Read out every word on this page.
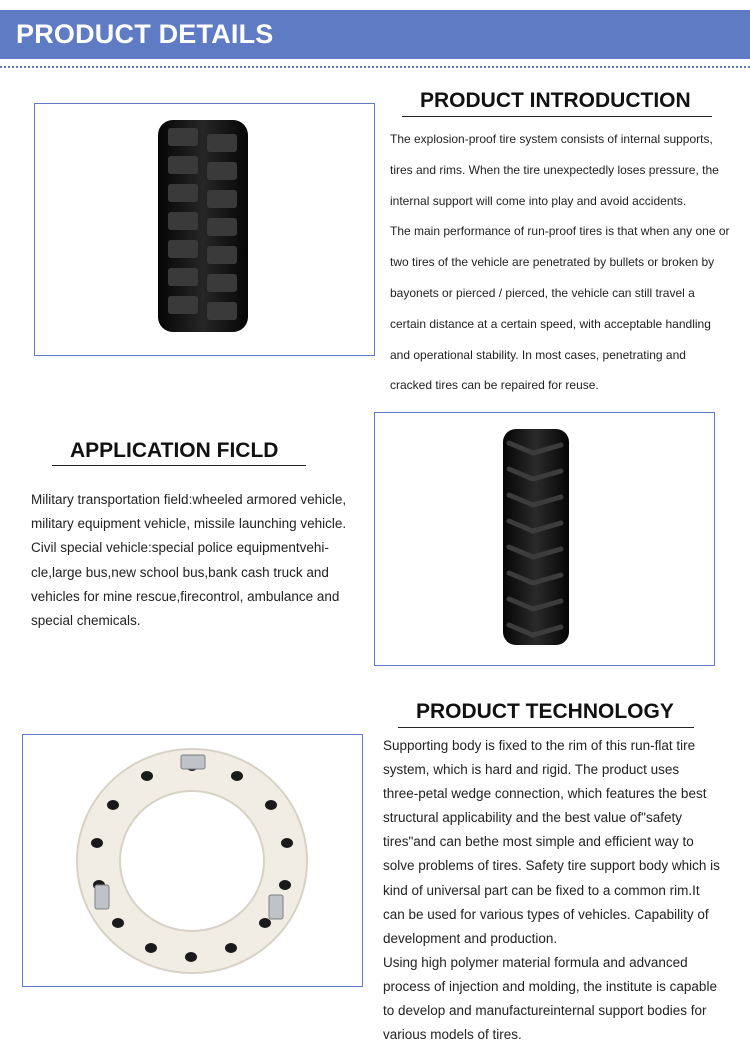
PRODUCT DETAILS
PRODUCT INTRODUCTION

The explosion-proof tire system consists of internal supports,

tires and rims. When the tire unexpectedly loses pressure, the

internal support will come into play and avoid accidents.

The main performance of run-proof tires is that when any one or

two tires of the vehicle are penetrated by bullets or broken by

bayonets or pierced / pierced, the vehicle can still travel a

certain distance at a certain speed, with acceptable handling

and operational stability. In most cases, penetrating and

cracked tires can be repaired for reuse.

APPLICATION FICLD

Military transportation field:wheeled armored vehicle,

military equipment vehicle, missile launching vehicle.

Civil special vehicle:special police equipmentvehi-

cle,large bus,new school bus,bank cash truck and

vehicles for mine rescue,firecontrol, ambulance and

special chemicals.

PRODUCT TECHNOLOGY

Supporting body is fixed to the rim of this run-flat tire

system, which is hard and rigid. The product uses

three-petal wedge connection, which features the best

structural applicability and the best value of"safety

tires"and can bethe most simple and efficient way to

solve problems of tires. Safety tire support body which is

kind of universal part can be fixed to a common rim.It

can be used for various types of vehicles. Capability of

development and production.

Using high polymer material formula and advanced

process of injection and molding, the institute is capable

to develop and manufactureinternal support bodies for

various models of tires.
